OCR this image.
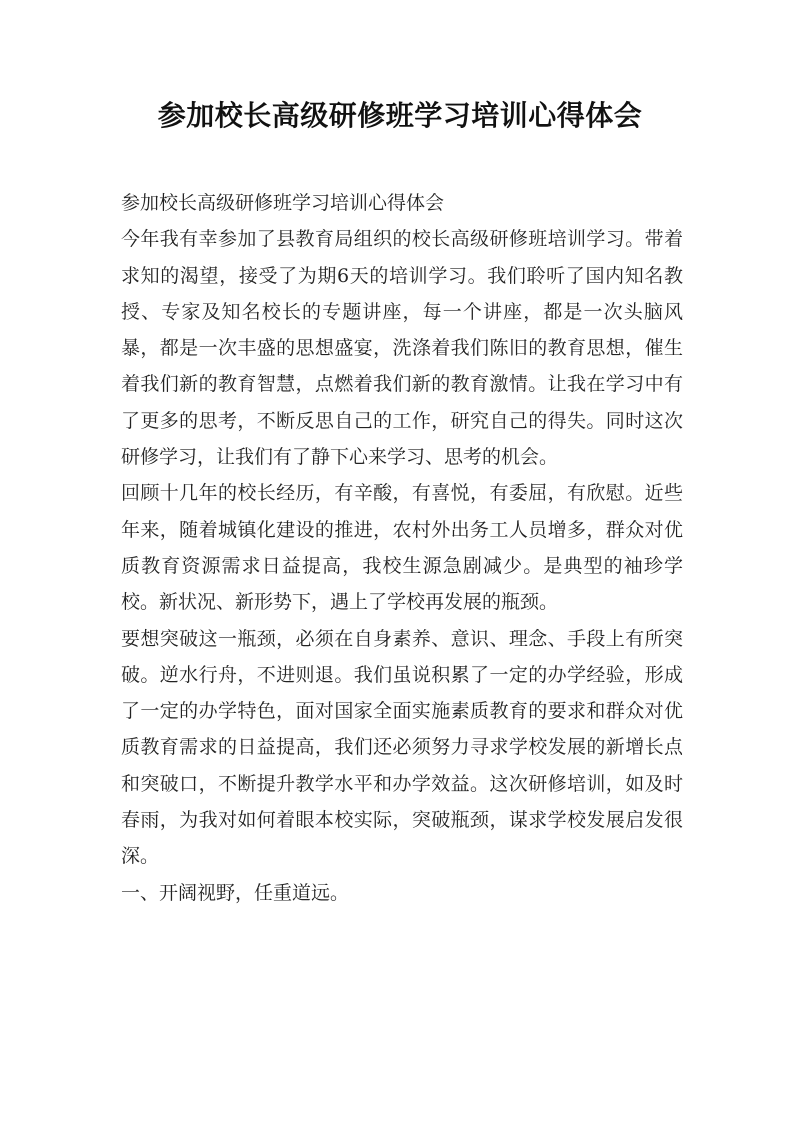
参加校长高级研修班学习培训心得体会

参加校长高级研修班学习培训心得体会

今年我有幸参加了县教育局组织的校长高级研修班培训学习。带着求知的渴望，接受了为期6天的培训学习。我们聆听了国内知名教授、专家及知名校长的专题讲座，每一个讲座，都是一次头脑风暴，都是一次丰盛的思想盛宴，洗涤着我们陈旧的教育思想，催生着我们新的教育智慧，点燃着我们新的教育激情。让我在学习中有了更多的思考，不断反思自己的工作，研究自己的得失。同时这次研修学习，让我们有了静下心来学习、思考的机会。

回顾十几年的校长经历，有辛酸，有喜悦，有委屈，有欣慰。近些年来，随着城镇化建设的推进，农村外出务工人员增多，群众对优质教育资源需求日益提高，我校生源急剧减少。是典型的袖珍学校。新状况、新形势下，遇上了学校再发展的瓶颈。

要想突破这一瓶颈，必须在自身素养、意识、理念、手段上有所突破。逆水行舟，不进则退。我们虽说积累了一定的办学经验，形成了一定的办学特色，面对国家全面实施素质教育的要求和群众对优质教育需求的日益提高，我们还必须努力寻求学校发展的新增长点和突破口，不断提升教学水平和办学效益。这次研修培训，如及时春雨，为我对如何着眼本校实际，突破瓶颈，谋求学校发展启发很深。

一、开阔视野，任重道远。
